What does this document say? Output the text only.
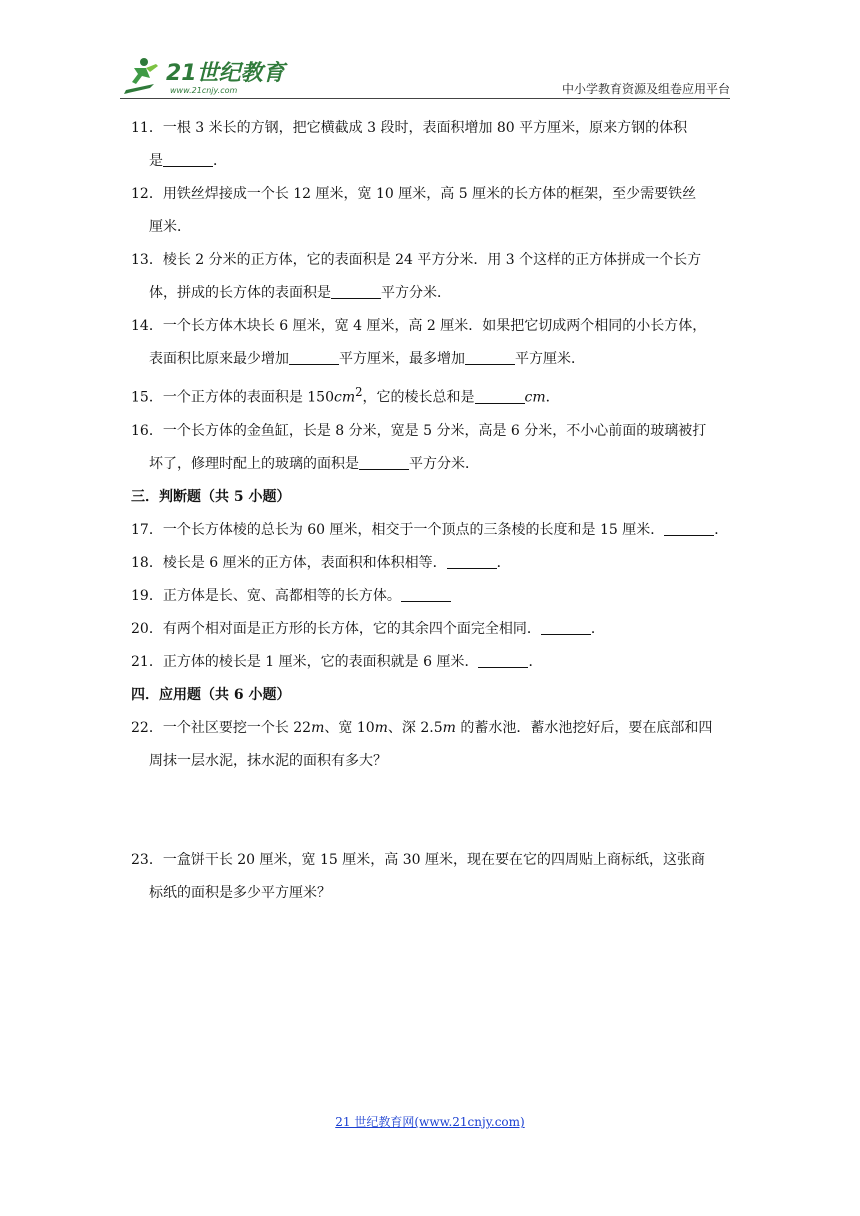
21世纪教育
www.21cnjy.com	中小学教育资源及组卷应用平台

11．一根 3 米长的方钢，把它横截成 3 段时，表面积增加 80 平方厘米，原来方钢的体积
是	．

12．用铁丝焊接成一个长 12 厘米，宽 10 厘米，高 5 厘米的长方体的框架，至少需要铁丝
厘米．

13．棱长 2 分米的正方体，它的表面积是 24 平方分米．用 3 个这样的正方体拼成一个长方
体，拼成的长方体的表面积是	平方分米．

14．一个长方体木块长 6 厘米，宽 4 厘米，高 2 厘米．如果把它切成两个相同的小长方体，
表面积比原来最少增加	平方厘米，最多增加	平方厘米．

15．一个正方体的表面积是 $150cm^2$，它的棱长总和是	cm．

16．一个长方体的金鱼缸，长是 8 分米，宽是 5 分米，高是 6 分米，不小心前面的玻璃被打
坏了，修理时配上的玻璃的面积是	平方分米．

三．判断题（共 5 小题）

17．一个长方体棱的总长为 60 厘米，相交于一个顶点的三条棱的长度和是 15 厘米．	．

18．棱长是 6 厘米的正方体，表面积和体积相等．	．

19．正方体是长、宽、高都相等的长方体。

20．有两个相对面是正方形的长方体，它的其余四个面完全相同．	．

21．正方体的棱长是 1 厘米，它的表面积就是 6 厘米．	．

四．应用题（共 6 小题）

22．一个社区要挖一个长 22m、宽 10m、深 2.5m 的蓄水池．蓄水池挖好后，要在底部和四
周抹一层水泥，抹水泥的面积有多大？

23．一盒饼干长 20 厘米，宽 15 厘米，高 30 厘米，现在要在它的四周贴上商标纸，这张商
标纸的面积是多少平方厘米？

21 世纪教育网(www.21cnjy.com)
